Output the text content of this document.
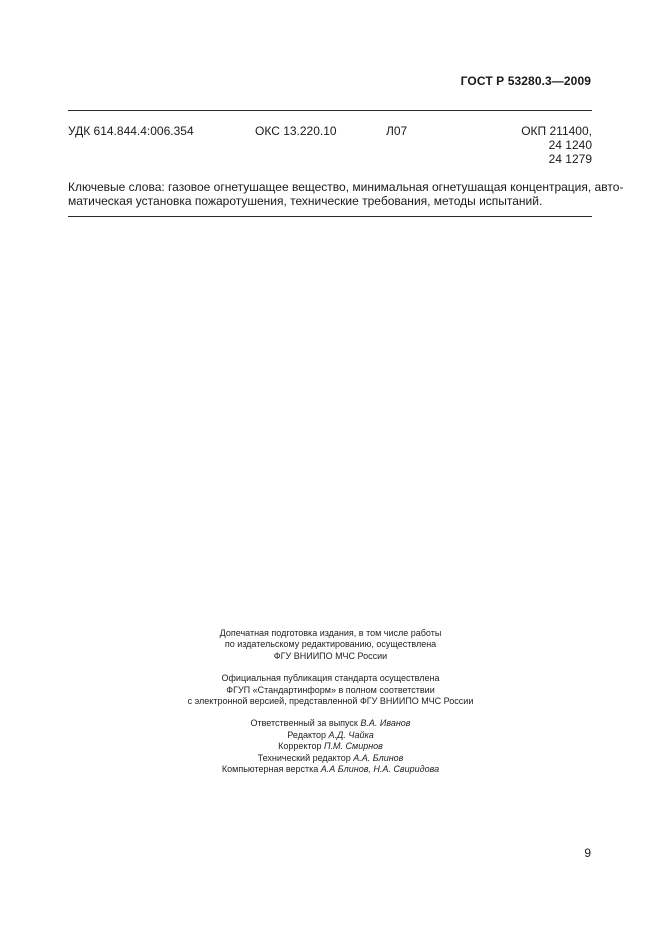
ГОСТ Р 53280.3—2009
УДК 614.844.4:006.354	ОКС 13.220.10	Л07	ОКП 211400,
24 1240
24 1279
Ключевые слова: газовое огнетушащее вещество, минимальная огнетушащая концентрация, авто-
матическая установка пожаротушения, технические требования, методы испытаний.
Допечатная подготовка издания, в том числе работы
по издательскому редактированию, осуществлена
ФГУ ВНИИПО МЧС России
Официальная публикация стандарта осуществлена
ФГУП «Стандартинформ» в полном соответствии
с электронной версией, представленной ФГУ ВНИИПО МЧС России
Ответственный за выпуск В.А. Иванов
Редактор А.Д. Чайка
Корректор П.М. Смирнов
Технический редактор А.А. Блинов
Компьютерная верстка А.А Блинов, Н.А. Свиридова
9
